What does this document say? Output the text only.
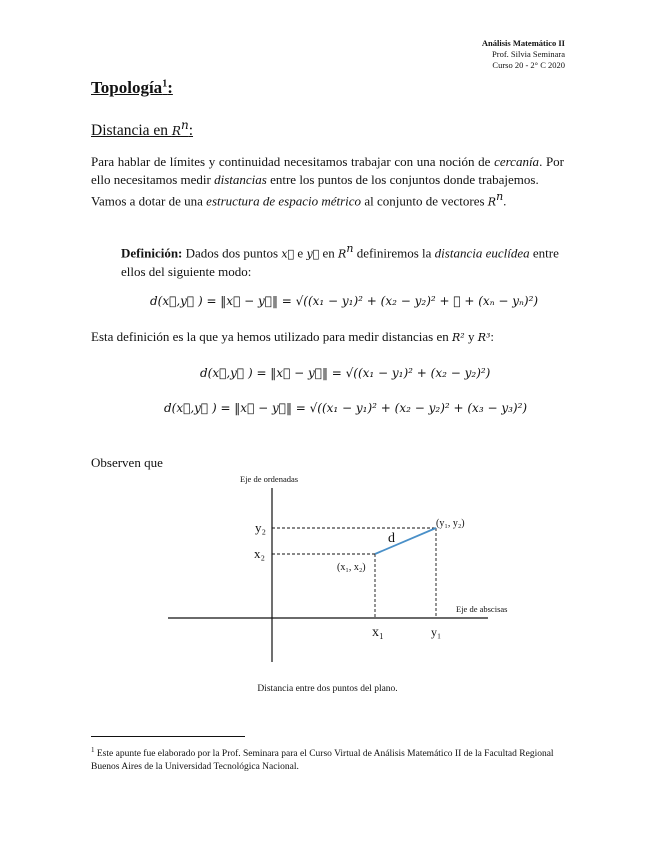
Análisis Matemático II
Prof. Silvia Seminara
Curso 20 - 2° C 2020
Topología$^1$:
Distancia en $R^n$:
Para hablar de límites y continuidad necesitamos trabajar con una noción de cercanía. Por ello necesitamos medir distancias entre los puntos de los conjuntos donde trabajemos.
Vamos a dotar de una estructura de espacio métrico al conjunto de vectores $R^n$.
Definición: Dados dos puntos x⃗ e y⃗ en $R^n$ definiremos la distancia euclídea entre ellos del siguiente modo:
d(x⃗,y⃗ ) = ‖x⃗ − y⃗‖ = √((x₁ − y₁)² + (x₂ − y₂)² + ⋯ + (xₙ − yₙ)²)
Esta definición es la que ya hemos utilizado para medir distancias en R² y R³:
d(x⃗,y⃗ ) = ‖x⃗ − y⃗‖ = √((x₁ − y₁)² + (x₂ − y₂)²)
d(x⃗,y⃗ ) = ‖x⃗ − y⃗‖ = √((x₁ − y₁)² + (x₂ − y₂)² + (x₃ − y₃)²)
Observen que
Eje de ordenadas
Eje de abscisas
d
(y₁, y₂)
(x₁, x₂)
y₂
x₂
x₁	y₁
Distancia entre dos puntos del plano.
$^1$ Este apunte fue elaborado por la Prof. Seminara para el Curso Virtual de Análisis Matemático II de la Facultad Regional Buenos Aires de la Universidad Tecnológica Nacional.
